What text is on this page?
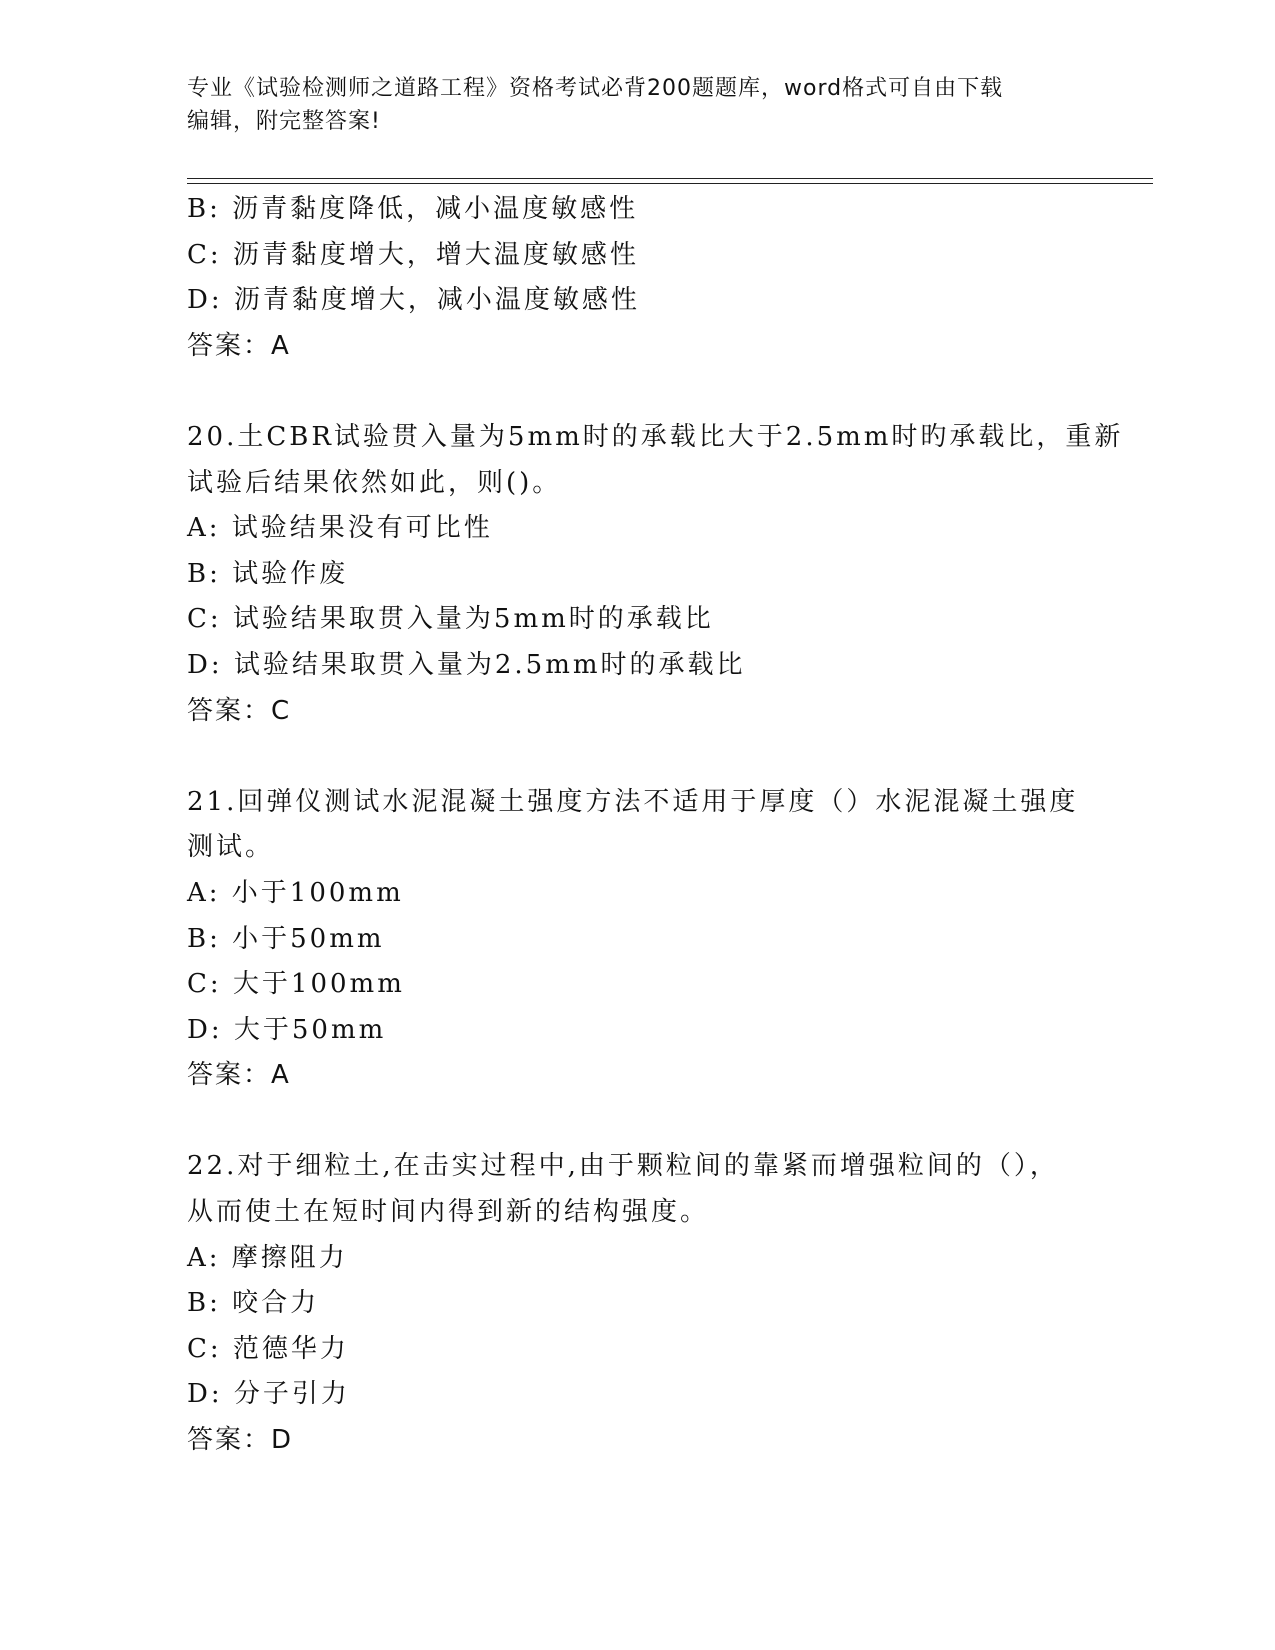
专业《试验检测师之道路工程》资格考试必背200题题库，word格式可自由下载
编辑，附完整答案!
B: 沥青黏度降低，减小温度敏感性
C: 沥青黏度增大，增大温度敏感性
D: 沥青黏度增大，减小温度敏感性
答案：A
20.土CBR试验贯入量为5mm时的承载比大于2.5mm时旳承载比，重新
试验后结果依然如此，则()。
A: 试验结果没有可比性
B: 试验作废
C: 试验结果取贯入量为5mm时的承载比
D: 试验结果取贯入量为2.5mm时的承载比
答案：C
21.回弹仪测试水泥混凝土强度方法不适用于厚度（）水泥混凝土强度
测试。
A: 小于100mm
B: 小于50mm
C: 大于100mm
D: 大于50mm
答案：A
22.对于细粒土,在击实过程中,由于颗粒间的靠紧而增强粒间的（），
从而使土在短时间内得到新的结构强度。
A: 摩擦阻力
B: 咬合力
C: 范德华力
D: 分子引力
答案：D
